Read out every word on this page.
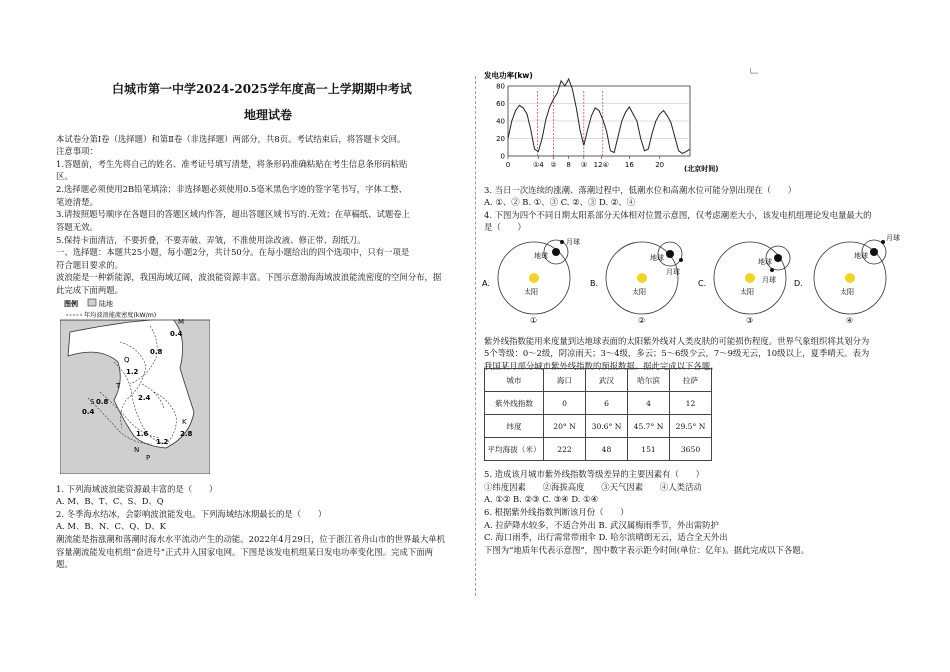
白城市第一中学2024-2025学年度高一上学期期中考试
地理试卷
本试卷分第Ⅰ卷（选择题）和第Ⅱ卷（非选择题）两部分，共8页。考试结束后，将答题卡交回。
注意事项：
1.答题前，考生先将自己的姓名、准考证号填写清楚，将条形码准确粘贴在考生信息条形码粘贴
区。
2.选择题必须使用2B铅笔填涂；非选择题必须使用0.5毫米黑色字迹的签字笔书写，字体工整、
笔迹清楚。
3.请按照题号顺序在各题目的答题区域内作答，超出答题区域书写的.无效；在草稿纸、试题卷上
答题无效。
5.保持卡面清洁，不要折叠，不要弄破、弄皱，不准使用涂改液、修正带、刮纸刀。
一、选择题：本题共25小题，每小题2分，共计50分。在每小题给出的四个选项中，只有一项是
符合题目要求的。
波浪能是一种新能源，我国海域辽阔，波浪能资源丰富。下图示意渤海海域波浪能流密度的空间分布，据
此完成下面两题。
图例	陆地
年均波浪能流密度(kW/m)
M
0.4
0.8
Q
1.2
T
2.4
S 0.8
0.4
K
2.8
1.6
1.2
N
P
1. 下列海域波浪能资源最丰富的是（　　）
A. M、B、T、C、S、D、Q
2. 冬季海水结冰，会影响波浪能发电。下列海域结冰期最长的是（　　）
A. M、B、N、C、Q、D、K
潮流能是指涨潮和落潮时海水水平流动产生的动能。2022年4月29日，位于浙江省舟山市的世界最大单机
容量潮流能发电机组“奋进号”正式并入国家电网。下图是该发电机组某日发电功率变化图。完成下面两
题。
└─
发电功率(kw)
(北京时间)
0
20
40
60
80
0	①4 ② 8 ③ 12④ 16	20
3. 当日一次连续的涨潮、落潮过程中，低潮水位和高潮水位可能分别出现在（　　）
A. ①、② B. ①、③ C. ②、③ D. ②、④
4. 下图为四个不同日期太阳系部分天体相对位置示意图，仅考虑潮差大小，该发电机组理论发电量最大的
是（　　）
A.
太阳
地球
月球
①
B.
太阳
地球
月球
②
C.
太阳
地球
月球
③
D.
太阳
地球
月球
④
紫外线指数能用来度量到达地球表面的太阳紫外线对人类皮肤的可能损伤程度。世界气象组织将其划分为
5个等级：0～2级，阴凉雨天；3～4级，多云；5～6级少云，7～9级无云，10级以上，夏季晴天。表为
我国某月部分城市紫外线指数的预报数据。据此完成以下各题。
城市	海口	武汉	哈尔滨	拉萨
紫外线指数	0	6	4	12
纬度	20° N	30.6° N	45.7° N	29.5° N
平均海拔（米）	222	48	151	3650
5. 造成该月城市紫外线指数等级差异的主要因素有（　　）
①纬度因素　　②海拔高度　　③天气因素　　④人类活动
A. ①② B. ②③ C. ③④ D. ①④
6. 根据紫外线指数判断该月份（　　）
A. 拉萨降水较多，不适合外出 B. 武汉属梅雨季节，外出需防护
C. 海口雨季，出行需常带雨伞 D. 哈尔滨晴朗无云，适合全天外出
下图为“地质年代表示意图”，图中数字表示距今时间(单位：亿年)。据此完成以下各题。
